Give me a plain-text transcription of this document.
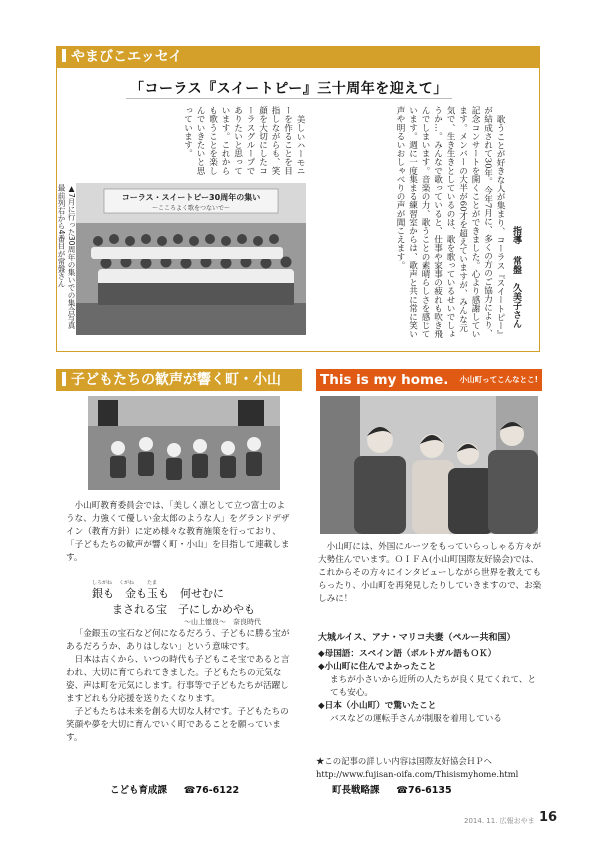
やまびこエッセイ
「コーラス『スイートピー』三十周年を迎えて」
指導  常盤　久美子さん

歌うことが好きな人が集まり、コーラス『スイートピー』が結成されて30年。今年7月に、多くの方のご協力により、記念コンサートを開くことができました。心より感謝しています。メンバーの大半が60才を超えていますが、みんな元気で、生き生きとしているのは、歌を歌っているせいでしょうか…。みんなで歌っていると、仕事や家事の疲れも吹き飛んでしまいます。音楽の力、歌うことの素晴らしさを感じています。週に一度集まる練習室からは、歌声と共に常に笑い声や明るいおしゃべりの声が聞こえます。

コーラス・スイートピー30周年の集い
〜こころよく歌をつないで〜
▲7月に行った30周年の集いでの集合写真最前列右から4番目が常盤さん

美しいハーモニーを作ることを目指しながらも、笑顔を大切にしたコーラスグループでありたいと思っています。これからも歌うことを楽しんでいきたいと思っています。

子どもたちの歓声が響く町・小山

小山町教育委員会では、「美しく凛として立つ富士のような、力強くて優しい金太郎のような人」をグランドデザイン（教育方針）に定め様々な教育施策を行っており、「子どもたちの歓声が響く町・小山」を目指して連載します。

しろがね くがね	たま
銀も　金も玉も　何せむに
まされる宝　子にしかめやも
〜山上憶良〜　奈良時代

「金銀玉の宝石など何になるだろう、子どもに勝る宝があるだろうか、ありはしない」という意味です。

日本は古くから、いつの時代も子どもこそ宝であると言われ、大切に育てられてきました。子どもたちの元気な姿、声は町を元気にします。行事等で子どもたちが活躍しますどれも分応援を送りたくなります。

子どもたちは未来を創る大切な人材です。子どもたちの笑顔や夢を大切に育んでいく町であることを願っています。

こども育成課 ☎76-6122
This is my home. 小山町ってこんなとこ!

小山町には、外国にルーツをもっていらっしゃる方々が大勢住んでいます。ＯＩＦＡ(小山町国際友好協会)では、これからその方々にインタビューしながら世界を教えてもらったり、小山町を再発見したりしていきますので、お楽しみに！

大城ルイス、アナ・マリコ夫妻（ペルー共和国）
◆母国語：スペイン語（ポルトガル語もＯＫ）
◆小山町に住んでよかったこと
まちが小さいから近所の人たちが良く見てくれて、とても安心。
◆日本（小山町）で驚いたこと
バスなどの運転手さんが制服を着用している
★この記事の詳しい内容は国際友好協会ＨＰへ
http://www.fujisan-oifa.com/Thisismyhome.html
町長戦略課 ☎76-6135
2014. 11. 広報おやま 16
